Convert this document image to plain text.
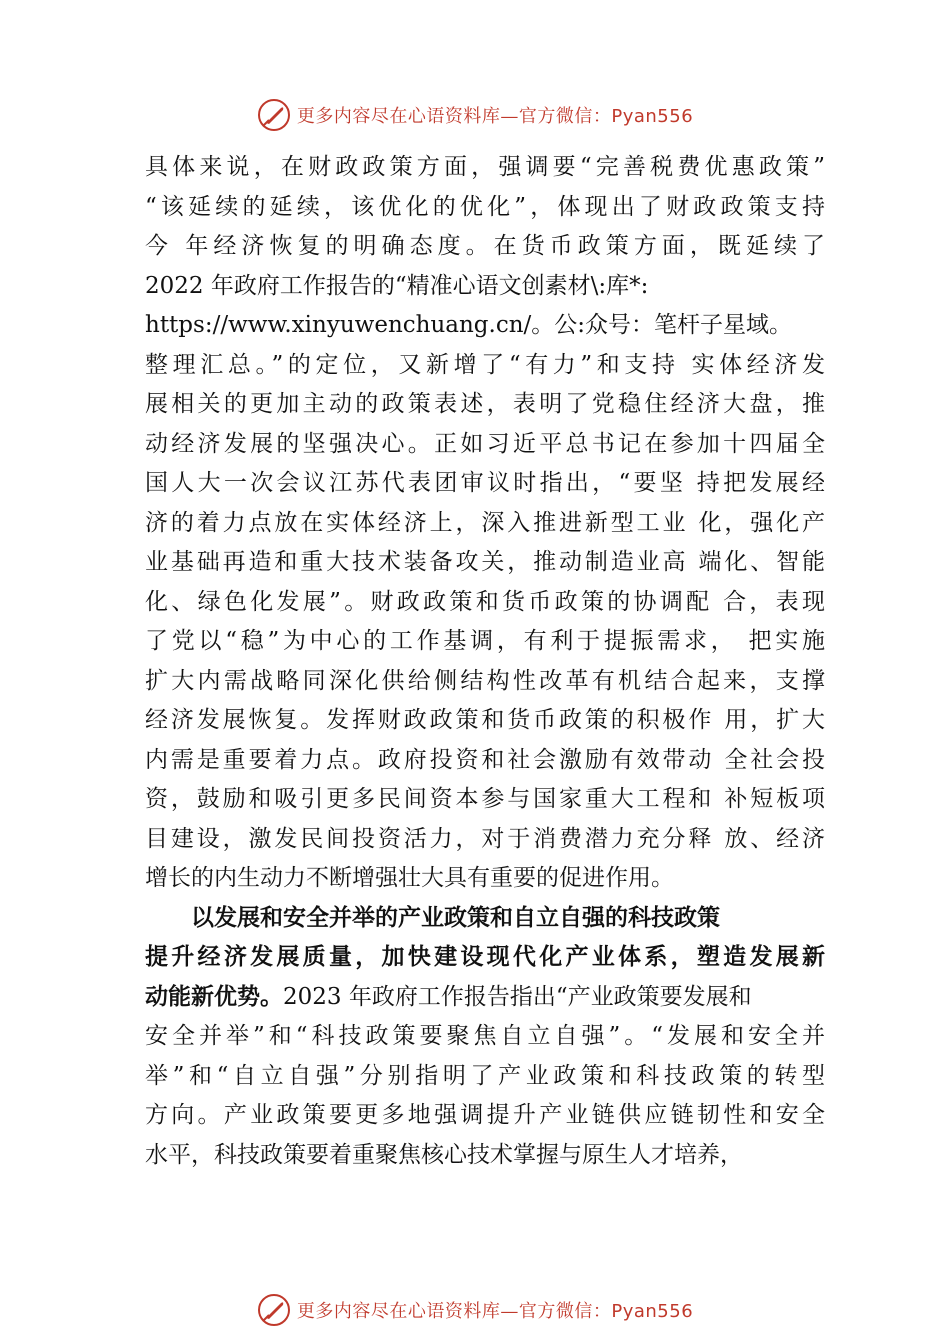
更多内容尽在心语资料库—官方微信：Pyan556
具体来说，在财政政策方面，强调要“完善税费优惠政策”
“该延续的延续，该优化的优化”，体现出了财政政策支持
今 年经济恢复的明确态度。在货币政策方面，既延续了
2022 年政府工作报告的“精准心语文创素材\:库*:
https://www.xinyuwenchuang.cn/。公:众号：笔杆子星域。
整理汇总。”的定位，又新增了“有力”和支持 实体经济发
展相关的更加主动的政策表述，表明了党稳住经济大盘，推
动经济发展的坚强决心。正如习近平总书记在参加十四届全
国人大一次会议江苏代表团审议时指出，“要坚 持把发展经
济的着力点放在实体经济上，深入推进新型工业 化，强化产
业基础再造和重大技术装备攻关，推动制造业高 端化、智能
化、绿色化发展”。财政政策和货币政策的协调配 合，表现
了党以“稳”为中心的工作基调，有利于提振需求， 把实施
扩大内需战略同深化供给侧结构性改革有机结合起来，支撑
经济发展恢复。发挥财政政策和货币政策的积极作 用，扩大
内需是重要着力点。政府投资和社会激励有效带动 全社会投
资，鼓励和吸引更多民间资本参与国家重大工程和 补短板项
目建设，激发民间投资活力，对于消费潜力充分释 放、经济
增长的内生动力不断增强壮大具有重要的促进作用。
以发展和安全并举的产业政策和自立自强的科技政策
提升经济发展质量，加快建设现代化产业体系，塑造发展新
动能新优势。2023 年政府工作报告指出“产业政策要发展和
安全并举”和“科技政策要聚焦自立自强”。“发展和安全并
举”和“自立自强”分别指明了产业政策和科技政策的转型
方向。产业政策要更多地强调提升产业链供应链韧性和安全
水平，科技政策要着重聚焦核心技术掌握与原生人才培养，
更多内容尽在心语资料库—官方微信：Pyan556
